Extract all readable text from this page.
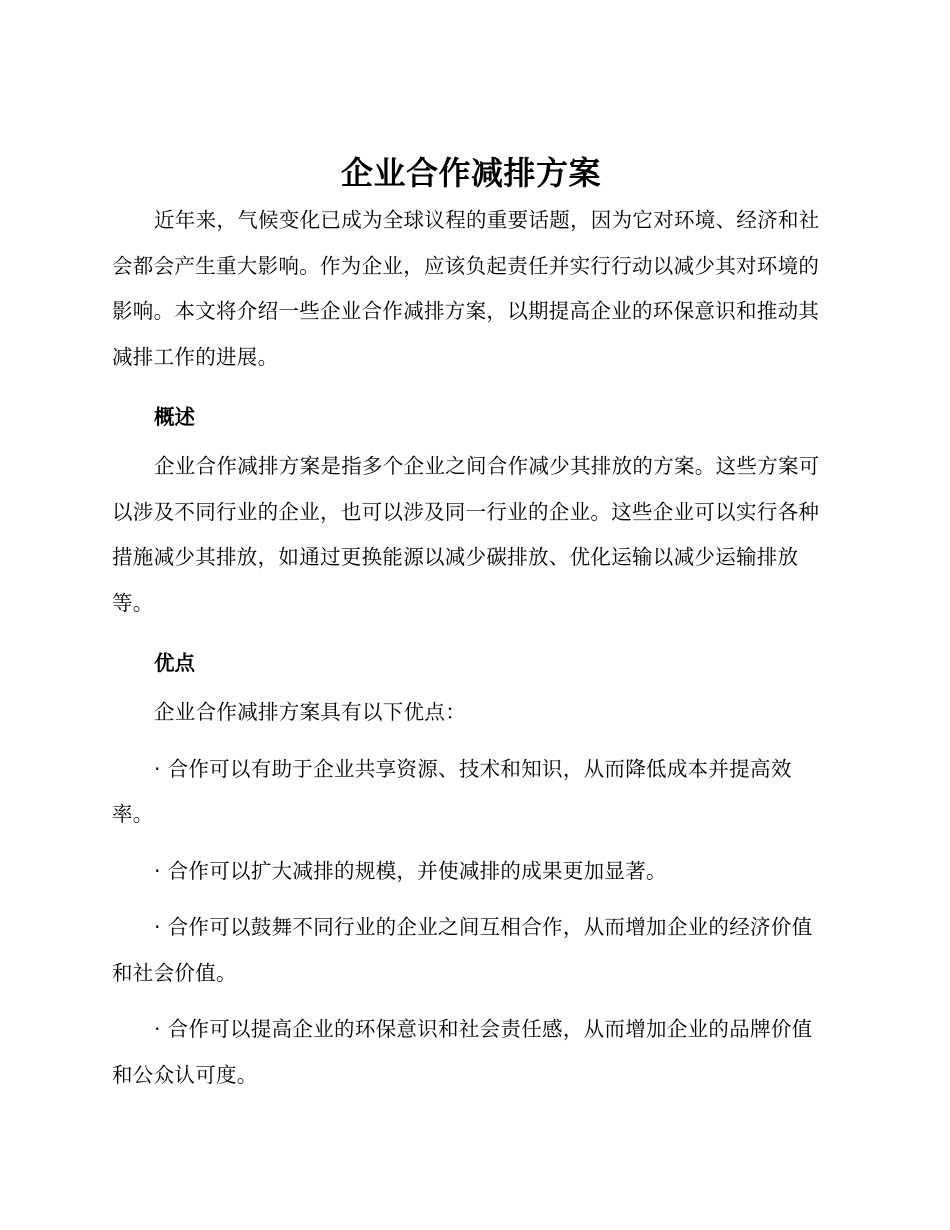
企业合作减排方案

近年来，气候变化已成为全球议程的重要话题，因为它对环境、经济和社会都会产生重大影响。作为企业，应该负起责任并实行行动以减少其对环境的影响。本文将介绍一些企业合作减排方案，以期提高企业的环保意识和推动其减排工作的进展。

概述

企业合作减排方案是指多个企业之间合作减少其排放的方案。这些方案可以涉及不同行业的企业，也可以涉及同一行业的企业。这些企业可以实行各种措施减少其排放，如通过更换能源以减少碳排放、优化运输以减少运输排放等。

优点

企业合作减排方案具有以下优点：

· 合作可以有助于企业共享资源、技术和知识，从而降低成本并提高效率。

· 合作可以扩大减排的规模，并使减排的成果更加显著。

· 合作可以鼓舞不同行业的企业之间互相合作，从而增加企业的经济价值和社会价值。

· 合作可以提高企业的环保意识和社会责任感，从而增加企业的品牌价值和公众认可度。
